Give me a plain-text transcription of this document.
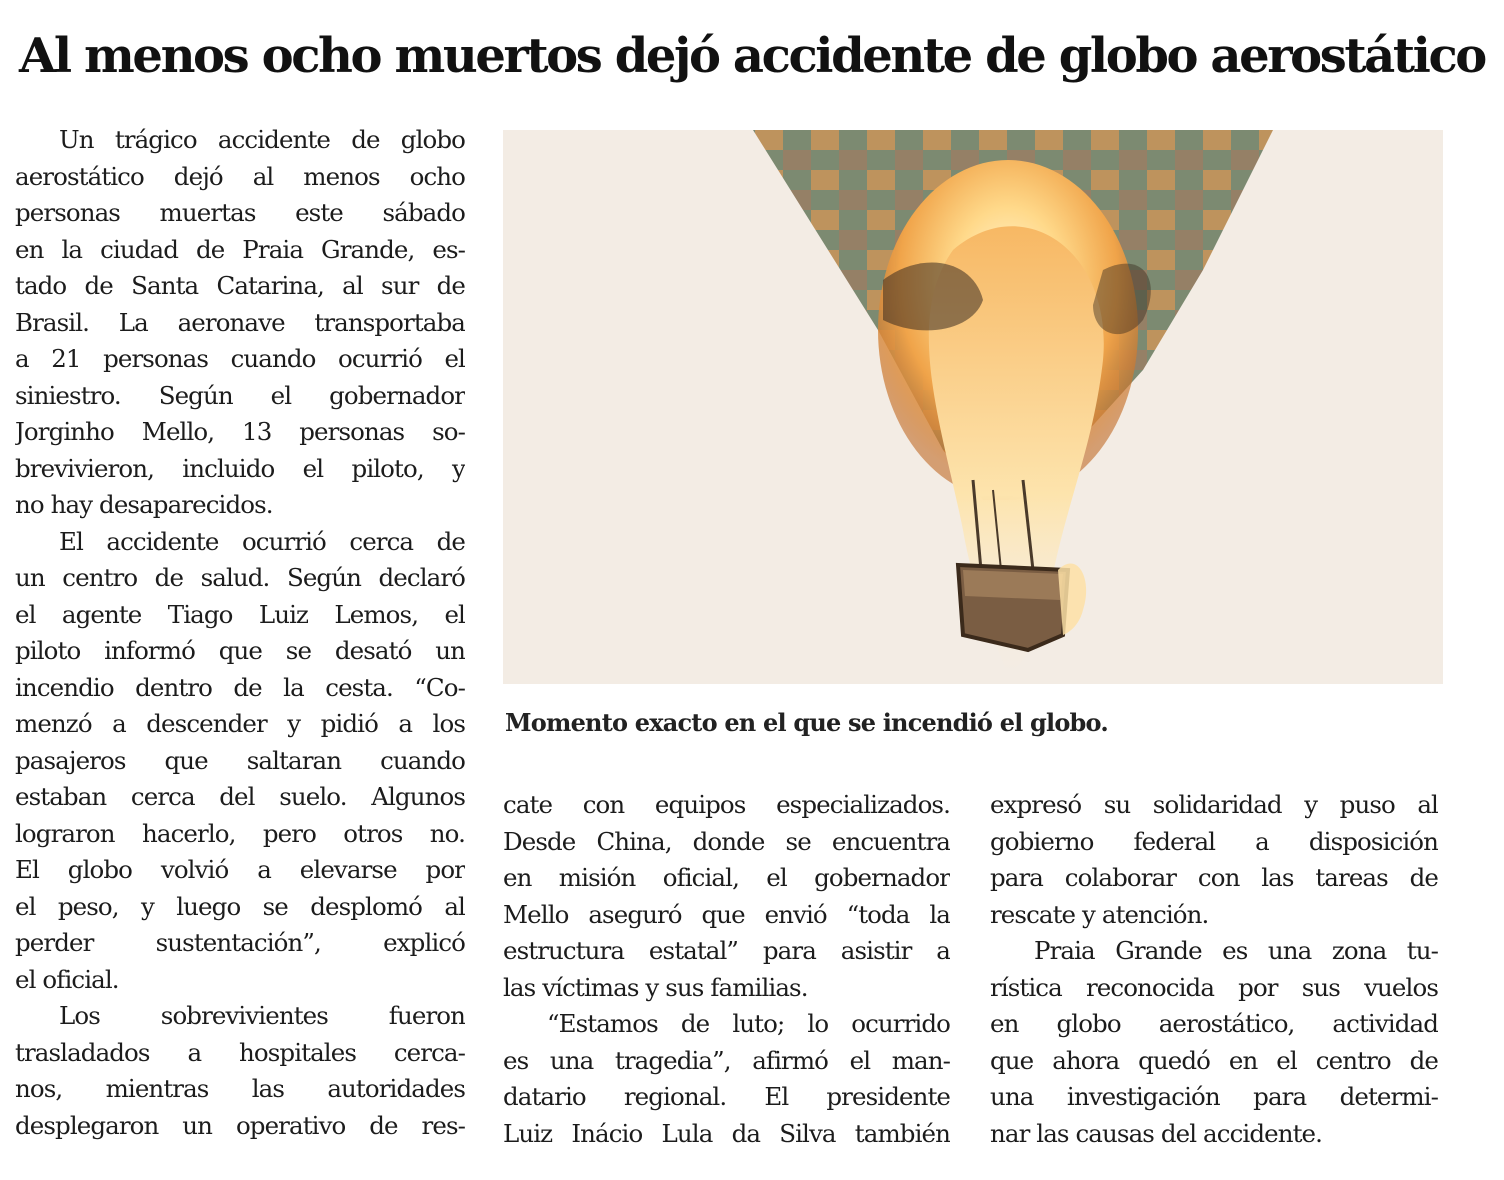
Al menos ocho muertos dejó accidente de globo aerostático
Un trágico accidente de globo
aerostático dejó al menos ocho
personas muertas este sábado
en la ciudad de Praia Grande, es-
tado de Santa Catarina, al sur de
Brasil. La aeronave transportaba
a 21 personas cuando ocurrió el
siniestro. Según el gobernador
Jorginho Mello, 13 personas so-
brevivieron, incluido el piloto, y
no hay desaparecidos.
El accidente ocurrió cerca de
un centro de salud. Según declaró
el agente Tiago Luiz Lemos, el
piloto informó que se desató un
incendio dentro de la cesta. “Co-
menzó a descender y pidió a los
pasajeros que saltaran cuando
estaban cerca del suelo. Algunos
lograron hacerlo, pero otros no.
El globo volvió a elevarse por
el peso, y luego se desplomó al
perder sustentación”, explicó
el oficial.
Los sobrevivientes fueron
trasladados a hospitales cerca-
nos, mientras las autoridades
desplegaron un operativo de res-

Momento exacto en el que se incendió el globo.

cate con equipos especializados.
Desde China, donde se encuentra
en misión oficial, el gobernador
Mello aseguró que envió “toda la
estructura estatal” para asistir a
las víctimas y sus familias.
“Estamos de luto; lo ocurrido
es una tragedia”, afirmó el man-
datario regional. El presidente
Luiz Inácio Lula da Silva también
expresó su solidaridad y puso al
gobierno federal a disposición
para colaborar con las tareas de
rescate y atención.
Praia Grande es una zona tu-
rística reconocida por sus vuelos
en globo aerostático, actividad
que ahora quedó en el centro de
una investigación para determi-
nar las causas del accidente.
